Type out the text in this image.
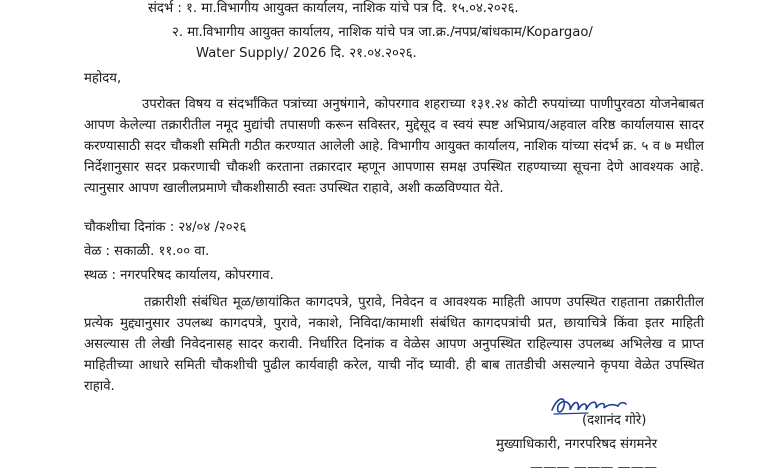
संदर्भ : १. मा.विभागीय आयुक्त कार्यालय, नाशिक यांचे पत्र दि. १५.०४.२०२६.
२. मा.विभागीय आयुक्त कार्यालय, नाशिक यांचे पत्र जा.क्र./नपप्र/बांधकाम/Kopargao/
Water Supply/ 2026 दि. २१.०४.२०२६.
महोदय,
उपरोक्त विषय व संदर्भांकित पत्रांच्या अनुषंगाने, कोपरगाव शहराच्या १३१.२४ कोटी रुपयांच्या पाणीपुरवठा योजनेबाबत आपण केलेल्या तक्रारीतील नमूद मुद्यांची तपासणी करून सविस्तर, मुद्देसूद व स्वयं स्पष्ट अभिप्राय/अहवाल वरिष्ठ कार्यालयास सादर करण्यासाठी सदर चौकशी समिती गठीत करण्यात आलेली आहे. विभागीय आयुक्त कार्यालय, नाशिक यांच्या संदर्भ क्र. ५ व ७ मधील निर्देशानुसार सदर प्रकरणाची चौकशी करताना तक्रारदार म्हणून आपणास समक्ष उपस्थित राहण्याच्या सूचना देणे आवश्यक आहे. त्यानुसार आपण खालीलप्रमाणे चौकशीसाठी स्वतः उपस्थित राहावे, अशी कळविण्यात येते.
चौकशीचा दिनांक : २४/०४ /२०२६
वेळ : सकाळी. ११.०० वा.
स्थळ : नगरपरिषद कार्यालय, कोपरगाव.
तक्रारीशी संबंधित मूळ/छायांकित कागदपत्रे, पुरावे, निवेदन व आवश्यक माहिती आपण उपस्थित राहताना तक्रारीतील प्रत्येक मुद्द्यानुसार उपलब्ध कागदपत्रे, पुरावे, नकाशे, निविदा/कामाशी संबंधित कागदपत्रांची प्रत, छायाचित्रे किंवा इतर माहिती असल्यास ती लेखी निवेदनासह सादर करावी. निर्धारित दिनांक व वेळेस आपण अनुपस्थित राहिल्यास उपलब्ध अभिलेख व प्राप्त माहितीच्या आधारे समिती चौकशीची पुढील कार्यवाही करेल, याची नोंद घ्यावी. ही बाब तातडीची असल्याने कृपया वेळेत उपस्थित राहावे.
(दशानंद गोरे)
मुख्याधिकारी, नगरपरिषद संगमनेर
——— ——— ———
